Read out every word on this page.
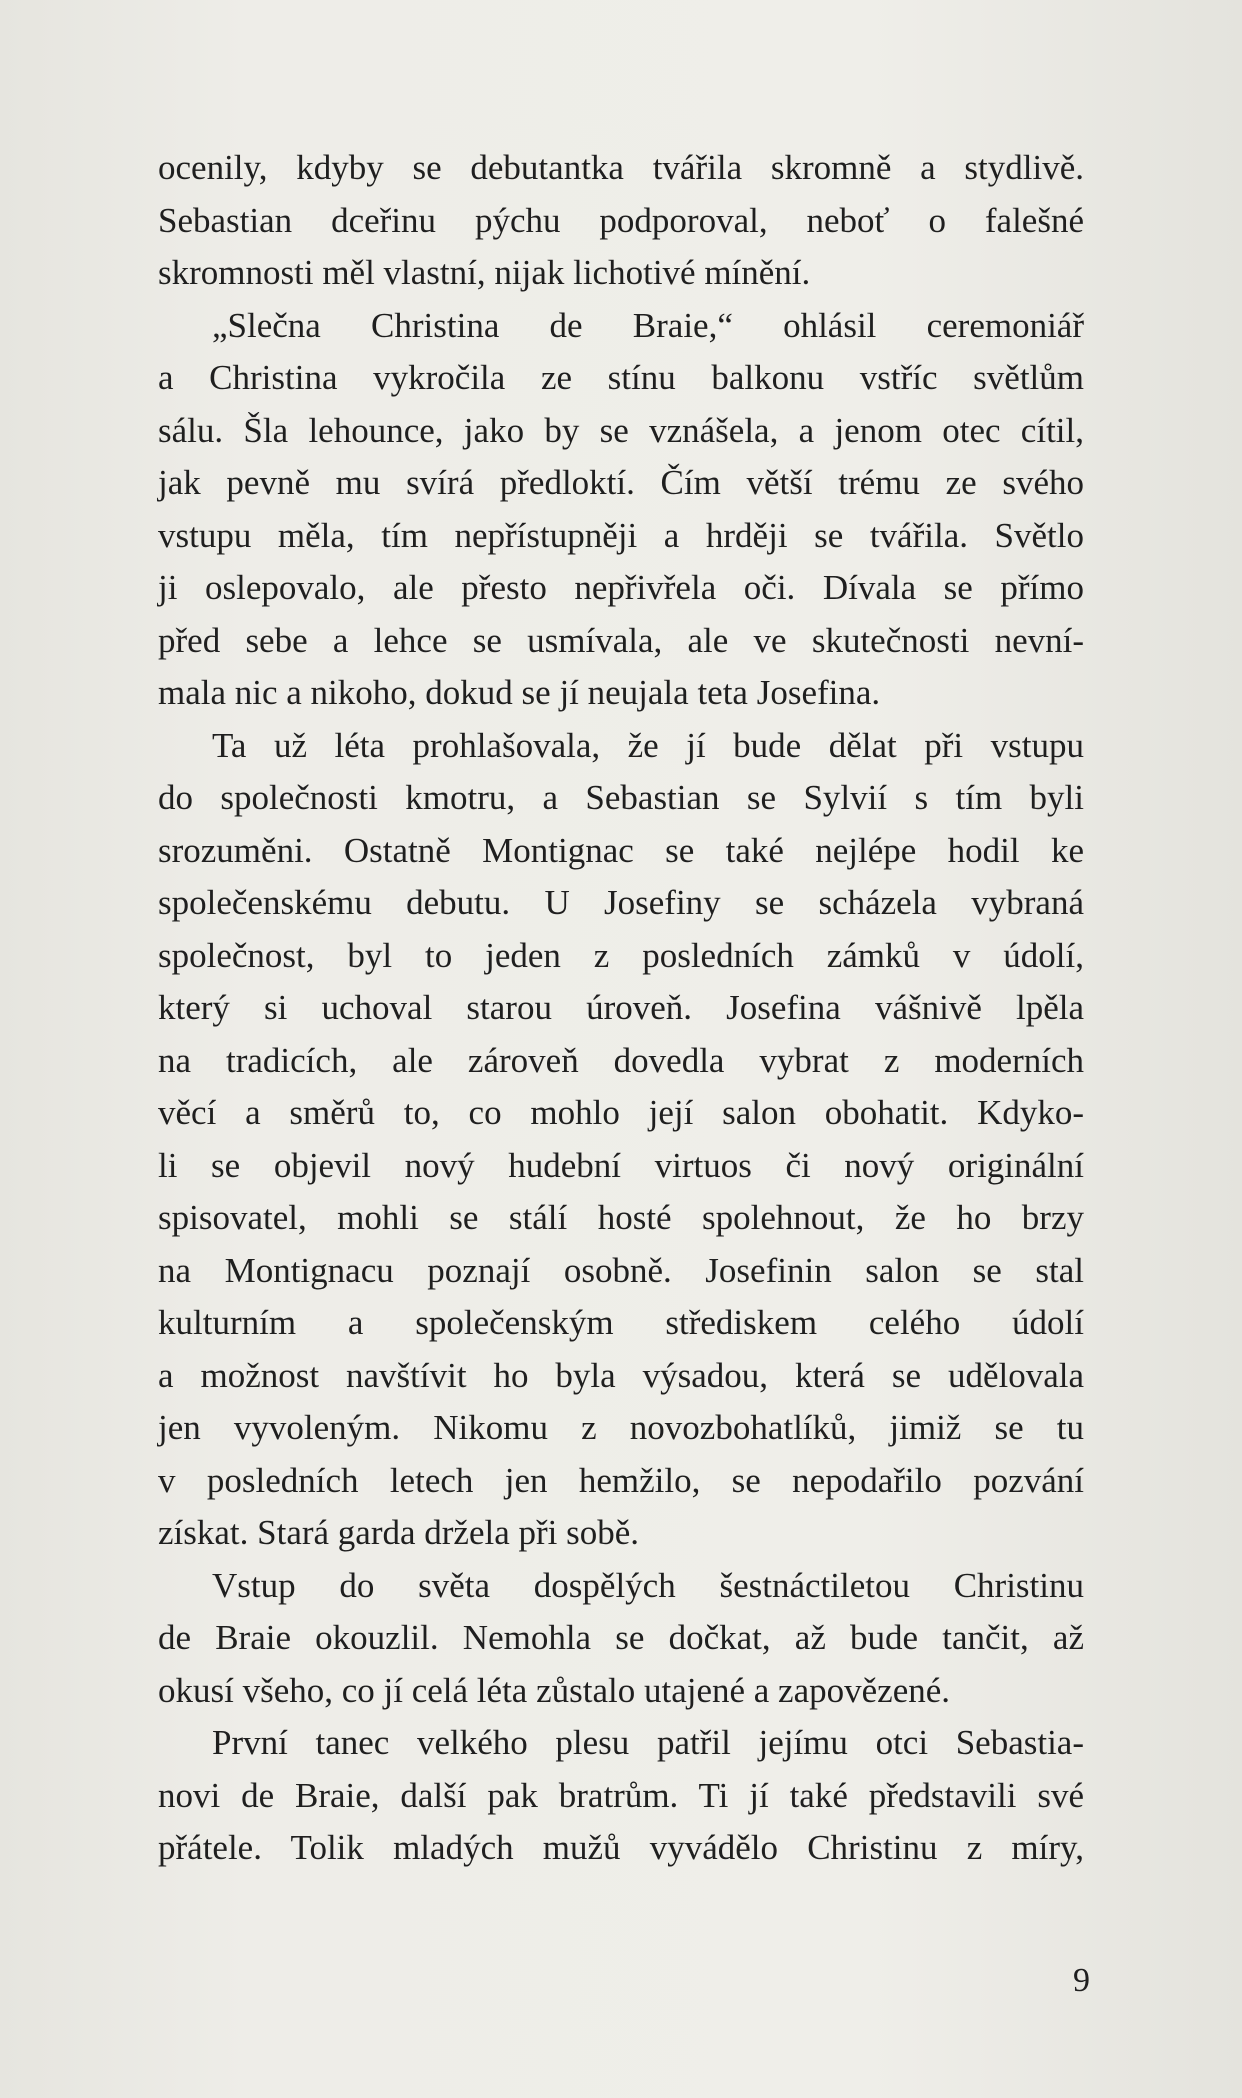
ocenily, kdyby se debutantka tvářila skromně a stydlivě.
Sebastian dceřinu pýchu podporoval, neboť o falešné
skromnosti měl vlastní, nijak lichotivé mínění.
„Slečna Christina de Braie,“ ohlásil ceremoniář
a Christina vykročila ze stínu balkonu vstříc světlům
sálu. Šla lehounce, jako by se vznášela, a jenom otec cítil,
jak pevně mu svírá předloktí. Čím větší trému ze svého
vstupu měla, tím nepřístupněji a hrději se tvářila. Světlo
ji oslepovalo, ale přesto nepřivřela oči. Dívala se přímo
před sebe a lehce se usmívala, ale ve skutečnosti nevní-
mala nic a nikoho, dokud se jí neujala teta Josefina.
Ta už léta prohlašovala, že jí bude dělat při vstupu
do společnosti kmotru, a Sebastian se Sylvií s tím byli
srozuměni. Ostatně Montignac se také nejlépe hodil ke
společenskému debutu. U Josefiny se scházela vybraná
společnost, byl to jeden z posledních zámků v údolí,
který si uchoval starou úroveň. Josefina vášnivě lpěla
na tradicích, ale zároveň dovedla vybrat z moderních
věcí a směrů to, co mohlo její salon obohatit. Kdyko-
li se objevil nový hudební virtuos či nový originální
spisovatel, mohli se stálí hosté spolehnout, že ho brzy
na Montignacu poznají osobně. Josefinin salon se stal
kulturním a společenským střediskem celého údolí
a možnost navštívit ho byla výsadou, která se udělovala
jen vyvoleným. Nikomu z novozbohatlíků, jimiž se tu
v posledních letech jen hemžilo, se nepodařilo pozvání
získat. Stará garda držela při sobě.
Vstup do světa dospělých šestnáctiletou Christinu
de Braie okouzlil. Nemohla se dočkat, až bude tančit, až
okusí všeho, co jí celá léta zůstalo utajené a zapovězené.
První tanec velkého plesu patřil jejímu otci Sebastia-
novi de Braie, další pak bratrům. Ti jí také představili své
přátele. Tolik mladých mužů vyvádělo Christinu z míry,
9
